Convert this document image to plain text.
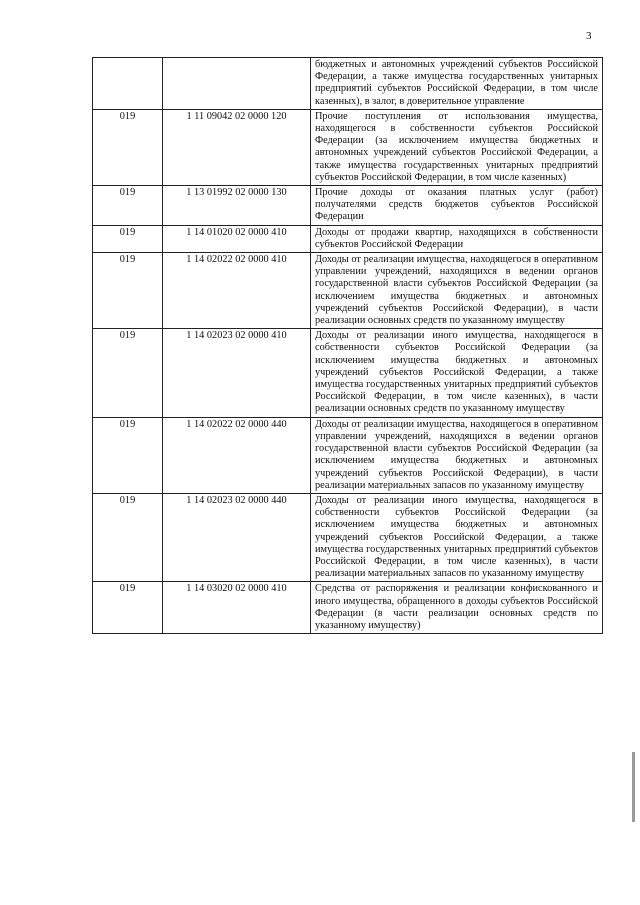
3
		бюджетных и автономных учреждений субъектов Российской Федерации, а также имущества государственных унитарных предприятий субъектов Российской Федерации, в том числе казенных), в залог, в доверительное управление
019	1 11 09042 02 0000 120	Прочие поступления от использования имущества, находящегося в собственности субъектов Российской Федерации (за исключением имущества бюджетных и автономных учреждений субъектов Российской Федерации, а также имущества государственных унитарных предприятий субъектов Российской Федерации, в том числе казенных)
019	1 13 01992 02 0000 130	Прочие доходы от оказания платных услуг (работ) получателями средств бюджетов субъектов Российской Федерации
019	1 14 01020 02 0000 410	Доходы от продажи квартир, находящихся в собственности субъектов Российской Федерации
019	1 14 02022 02 0000 410	Доходы от реализации имущества, находящегося в оперативном управлении учреждений, находящихся в ведении органов государственной власти субъектов Российской Федерации (за исключением имущества бюджетных и автономных учреждений субъектов Российской Федерации), в части реализации основных средств по указанному имуществу
019	1 14 02023 02 0000 410	Доходы от реализации иного имущества, находящегося в собственности субъектов Российской Федерации (за исключением имущества бюджетных и автономных учреждений субъектов Российской Федерации, а также имущества государственных унитарных предприятий субъектов Российской Федерации, в том числе казенных), в части реализации основных средств по указанному имуществу
019	1 14 02022 02 0000 440	Доходы от реализации имущества, находящегося в оперативном управлении учреждений, находящихся в ведении органов государственной власти субъектов Российской Федерации (за исключением имущества бюджетных и автономных учреждений субъектов Российской Федерации), в части реализации материальных запасов по указанному имуществу
019	1 14 02023 02 0000 440	Доходы от реализации иного имущества, находящегося в собственности субъектов Российской Федерации (за исключением имущества бюджетных и автономных учреждений субъектов Российской Федерации, а также имущества государственных унитарных предприятий субъектов Российской Федерации, в том числе казенных), в части реализации материальных запасов по указанному имуществу
019	1 14 03020 02 0000 410	Средства от распоряжения и реализации конфискованного и иного имущества, обращенного в доходы субъектов Российской Федерации (в части реализации основных средств по указанному имуществу)
